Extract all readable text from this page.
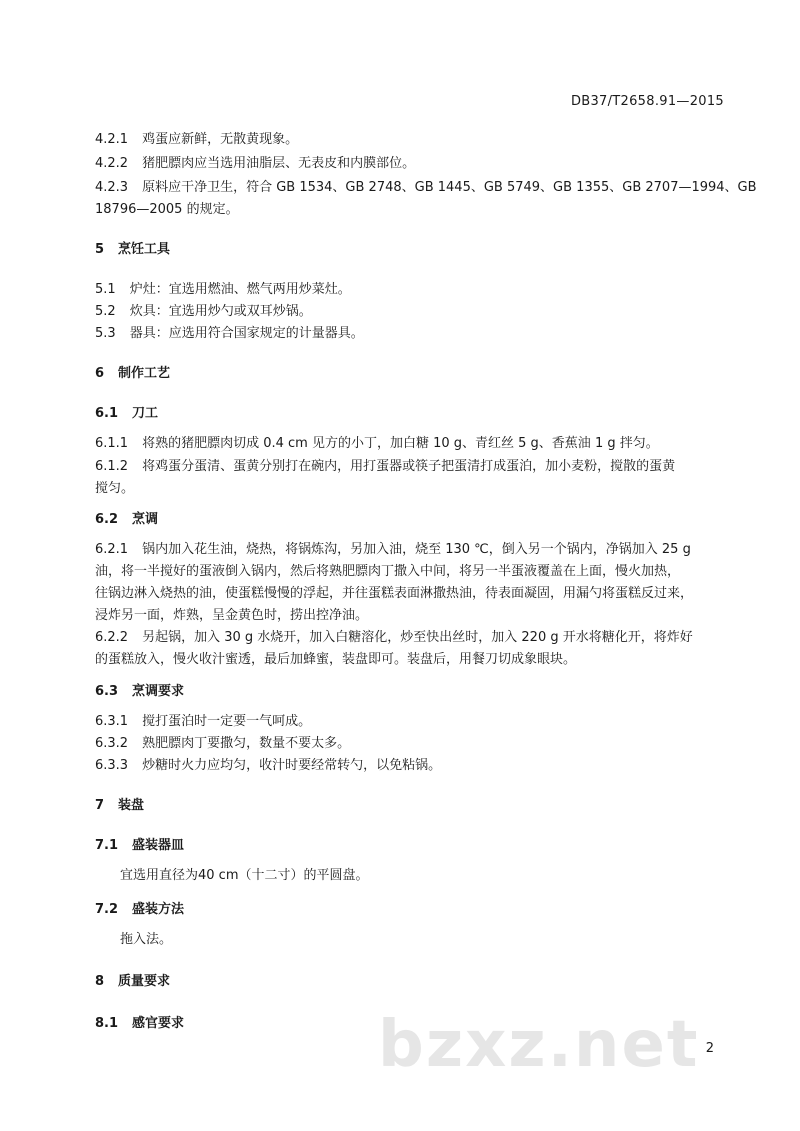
DB37/T2658.91—2015
4.2.1 鸡蛋应新鲜，无散黄现象。
4.2.2 猪肥膘肉应当选用油脂层、无表皮和内膜部位。
4.2.3 原料应干净卫生，符合 GB 1534、GB 2748、GB 1445、GB 5749、GB 1355、GB 2707—1994、GB
18796—2005 的规定。
5 烹饪工具
5.1 炉灶：宜选用燃油、燃气两用炒菜灶。
5.2 炊具：宜选用炒勺或双耳炒锅。
5.3 器具：应选用符合国家规定的计量器具。
6 制作工艺
6.1 刀工
6.1.1 将熟的猪肥膘肉切成 0.4 cm 见方的小丁，加白糖 10 g、青红丝 5 g、香蕉油 1 g 拌匀。
6.1.2 将鸡蛋分蛋清、蛋黄分别打在碗内，用打蛋器或筷子把蛋清打成蛋泊，加小麦粉，搅散的蛋黄
搅匀。
6.2 烹调
6.2.1 锅内加入花生油，烧热，将锅炼沟，另加入油，烧至 130 ℃，倒入另一个锅内，净锅加入 25 g
油，将一半搅好的蛋液倒入锅内，然后将熟肥膘肉丁撒入中间，将另一半蛋液覆盖在上面，慢火加热，
往锅边淋入烧热的油，使蛋糕慢慢的浮起，并往蛋糕表面淋撒热油，待表面凝固，用漏勺将蛋糕反过来，
浸炸另一面，炸熟，呈金黄色时，捞出控净油。
6.2.2 另起锅，加入 30 g 水烧开，加入白糖溶化，炒至快出丝时，加入 220 g 开水将糖化开，将炸好
的蛋糕放入，慢火收汁蜜透，最后加蜂蜜，装盘即可。装盘后，用餐刀切成象眼块。
6.3 烹调要求
6.3.1 搅打蛋泊时一定要一气呵成。
6.3.2 熟肥膘肉丁要撒匀，数量不要太多。
6.3.3 炒糖时火力应均匀，收汁时要经常转勺，以免粘锅。
7 装盘
7.1 盛装器皿
宜选用直径为40 cm（十二寸）的平圆盘。
7.2 盛装方法
拖入法。
8 质量要求
8.1 感官要求	bzxz.net 2
